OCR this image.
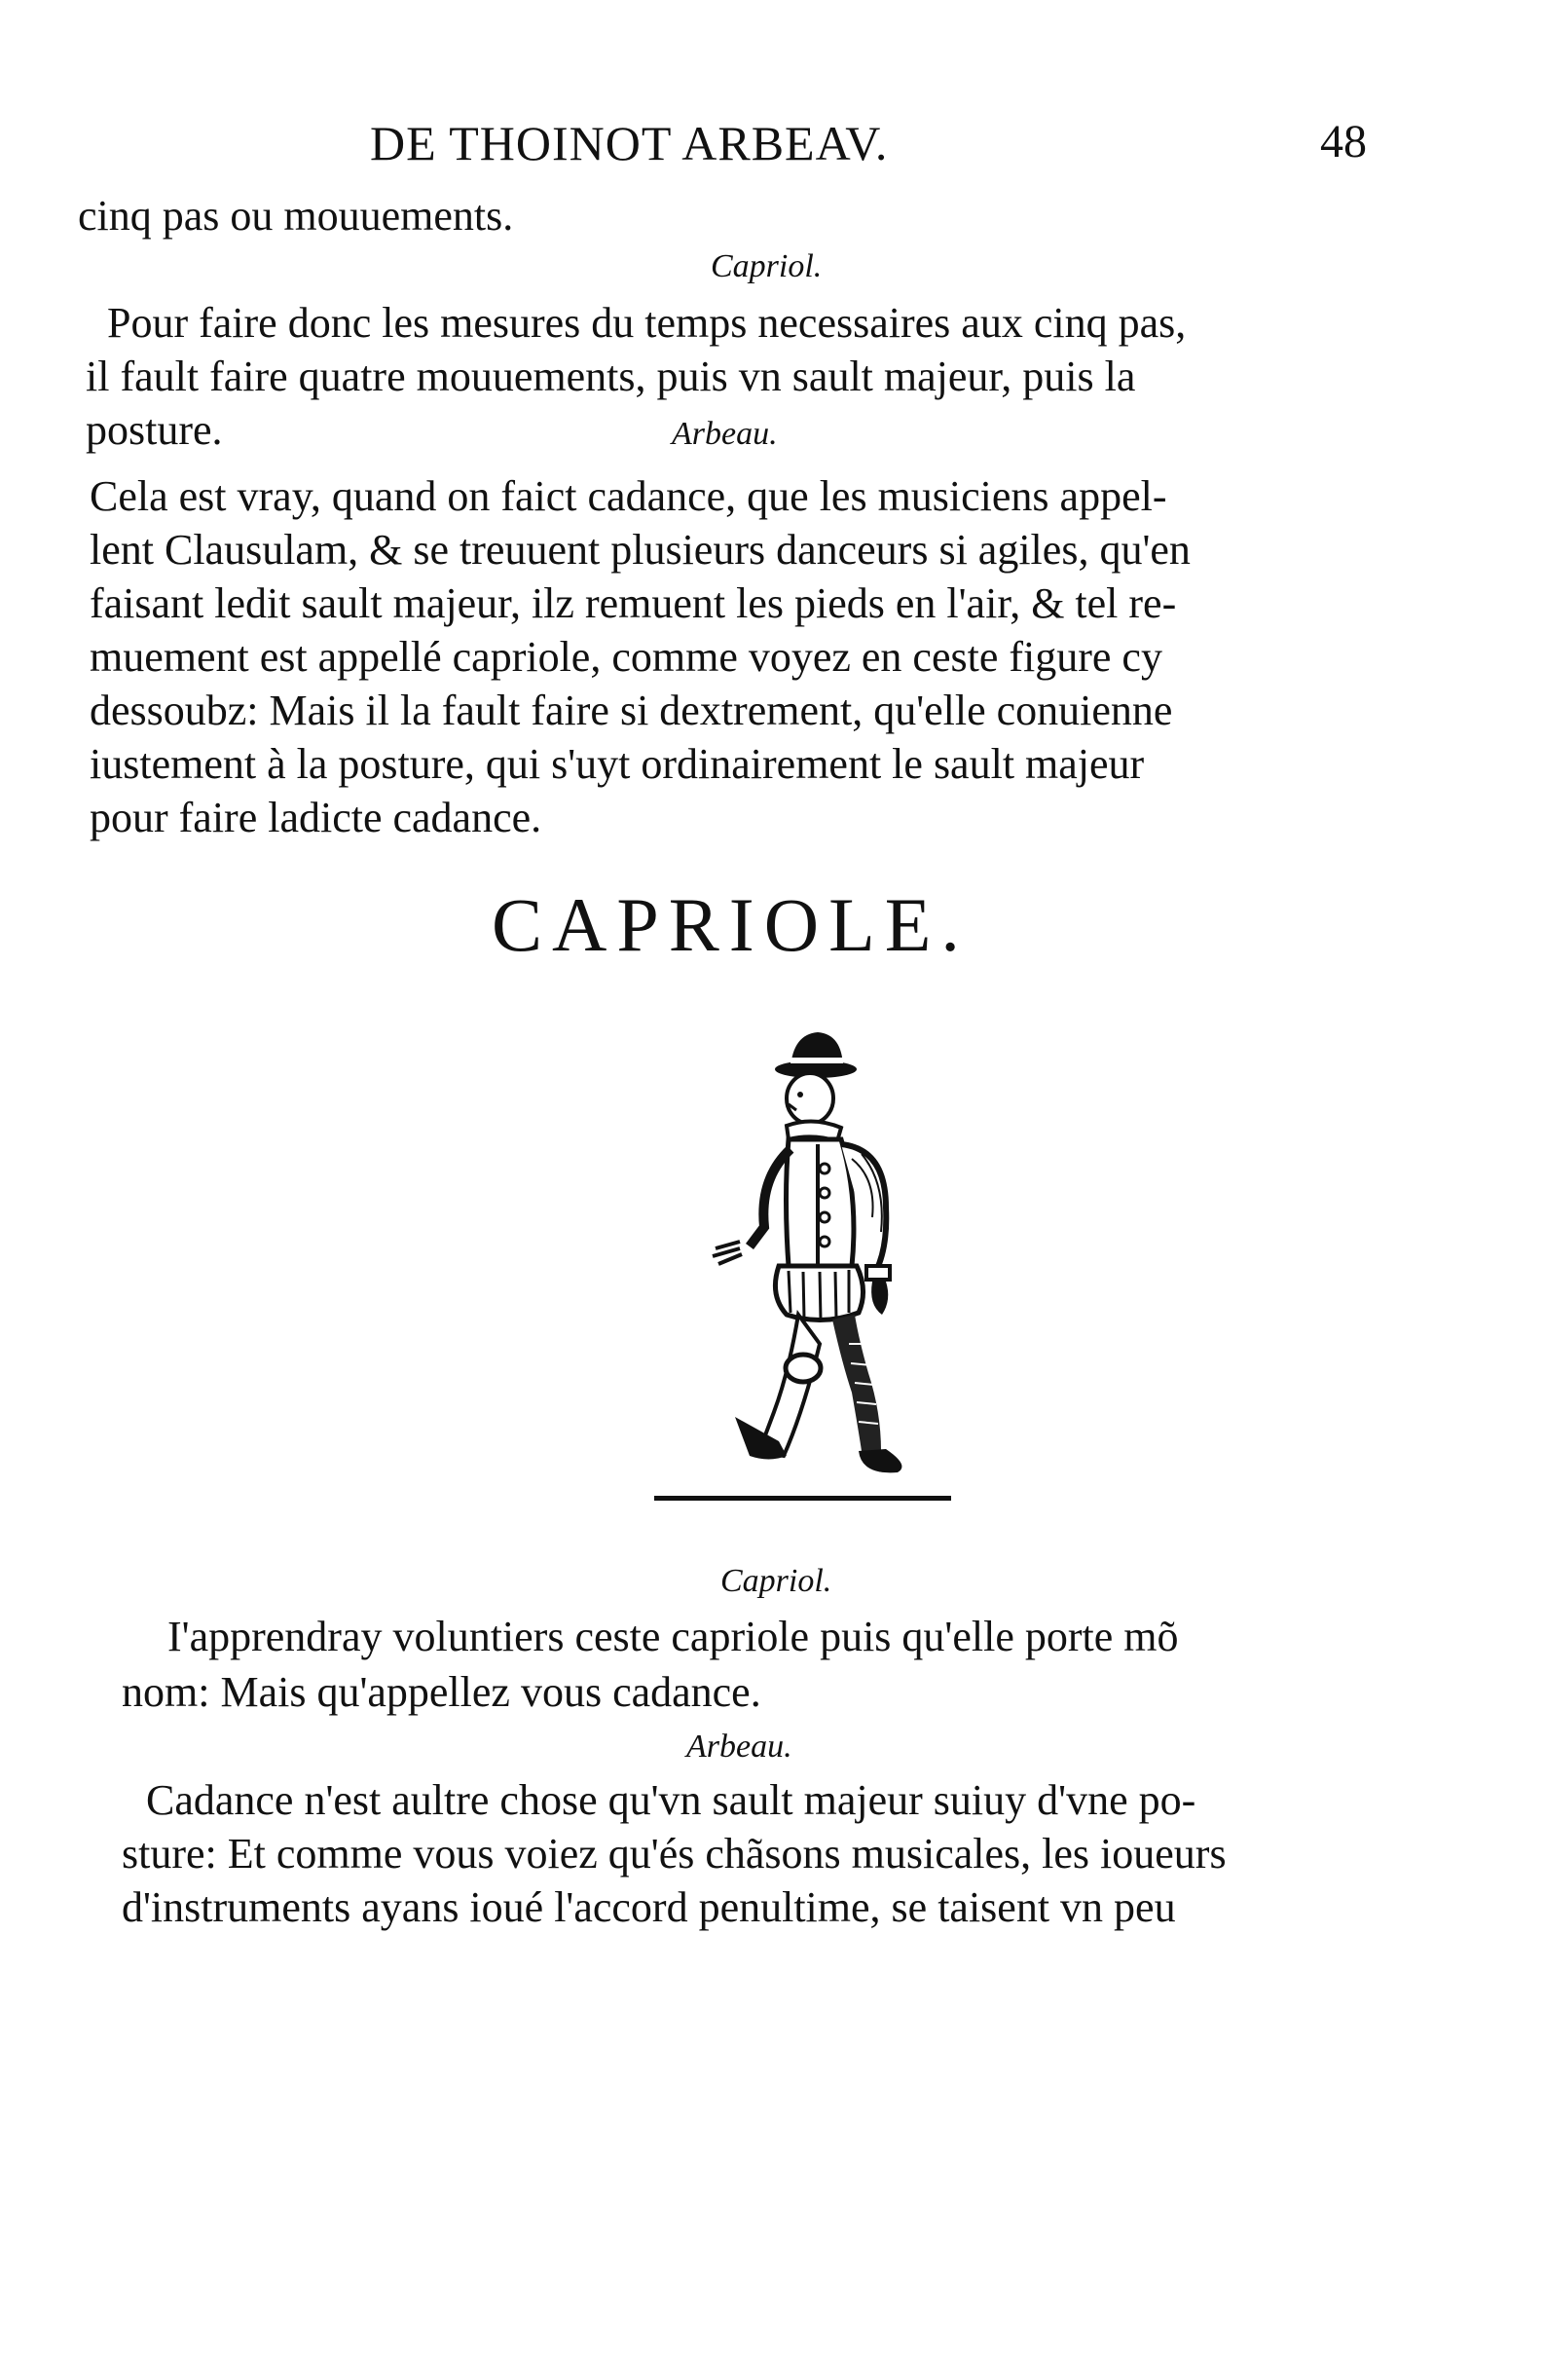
DE THOINOT ARBEAV.	48
cinq pas ou mouuements.
Capriol.
Pour faire donc les mesures du temps necessaires aux cinq pas,
il fault faire quatre mouuements, puis vn sault majeur, puis la
posture.	Arbeau.
Cela est vray, quand on faict cadance, que les musiciens appel-
lent Clausulam, & se treuuent plusieurs danceurs si agiles, qu'en
faisant ledit sault majeur, ilz remuent les pieds en l'air, & tel re-
muement est appellé capriole, comme voyez en ceste figure cy
dessoubz: Mais il la fault faire si dextrement, qu'elle conuienne
iustement à la posture, qui s'uyt ordinairement le sault majeur
pour faire ladicte cadance.
CAPRIOLE.
Capriol.
I'apprendray voluntiers ceste capriole puis qu'elle porte mõ
nom: Mais qu'appellez vous cadance.
Arbeau.
Cadance n'est aultre chose qu'vn sault majeur suiuy d'vne po-
sture: Et comme vous voiez qu'és chãsons musicales, les ioueurs
d'instruments ayans ioué l'accord penultime, se taisent vn peu
